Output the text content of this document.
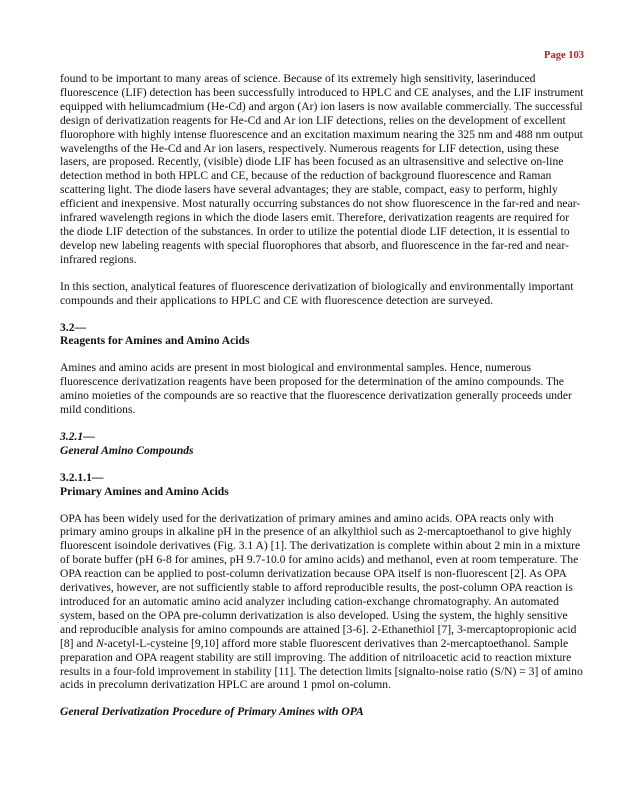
Page 103

found to be important to many areas of science. Because of its extremely high sensitivity, laserinduced fluorescence (LIF) detection has been successfully introduced to HPLC and CE analyses, and the LIF instrument equipped with heliumcadmium (He-Cd) and argon (Ar) ion lasers is now available commercially. The successful design of derivatization reagents for He-Cd and Ar ion LIF detections, relies on the development of excellent fluorophore with highly intense fluorescence and an excitation maximum nearing the 325 nm and 488 nm output wavelengths of the He-Cd and Ar ion lasers, respectively. Numerous reagents for LIF detection, using these lasers, are proposed. Recently, (visible) diode LIF has been focused as an ultrasensitive and selective on-line detection method in both HPLC and CE, because of the reduction of background fluorescence and Raman scattering light. The diode lasers have several advantages; they are stable, compact, easy to perform, highly efficient and inexpensive. Most naturally occurring substances do not show fluorescence in the far-red and near-infrared wavelength regions in which the diode lasers emit. Therefore, derivatization reagents are required for the diode LIF detection of the substances. In order to utilize the potential diode LIF detection, it is essential to develop new labeling reagents with special fluorophores that absorb, and fluorescence in the far-red and near-infrared regions.

In this section, analytical features of fluorescence derivatization of biologically and environmentally important compounds and their applications to HPLC and CE with fluorescence detection are surveyed.

3.2—
Reagents for Amines and Amino Acids

Amines and amino acids are present in most biological and environmental samples. Hence, numerous fluorescence derivatization reagents have been proposed for the determination of the amino compounds. The amino moieties of the compounds are so reactive that the fluorescence derivatization generally proceeds under mild conditions.

3.2.1—
General Amino Compounds
3.2.1.1—
Primary Amines and Amino Acids

OPA has been widely used for the derivatization of primary amines and amino acids. OPA reacts only with primary amino groups in alkaline pH in the presence of an alkylthiol such as 2-mercaptoethanol to give highly fluorescent isoindole derivatives (Fig. 3.1 A) [1]. The derivatization is complete within about 2 min in a mixture of borate buffer (pH 6-8 for amines, pH 9.7-10.0 for amino acids) and methanol, even at room temperature. The OPA reaction can be applied to post-column derivatization because OPA itself is non-fluorescent [2]. As OPA derivatives, however, are not sufficiently stable to afford reproducible results, the post-column OPA reaction is introduced for an automatic amino acid analyzer including cation-exchange chromatography. An automated system, based on the OPA pre-column derivatization is also developed. Using the system, the highly sensitive and reproducible analysis for amino compounds are attained [3-6]. 2-Ethanethiol [7], 3-mercaptopropionic acid [8] and N-acetyl-L-cysteine [9,10] afford more stable fluorescent derivatives than 2-mercaptoethanol. Sample preparation and OPA reagent stability are still improving. The addition of nitriloacetic acid to reaction mixture results in a four-fold improvement in stability [11]. The detection limits [signalto-noise ratio (S/N) = 3] of amino acids in precolumn derivatization HPLC are around 1 pmol on-column.

General Derivatization Procedure of Primary Amines with OPA
